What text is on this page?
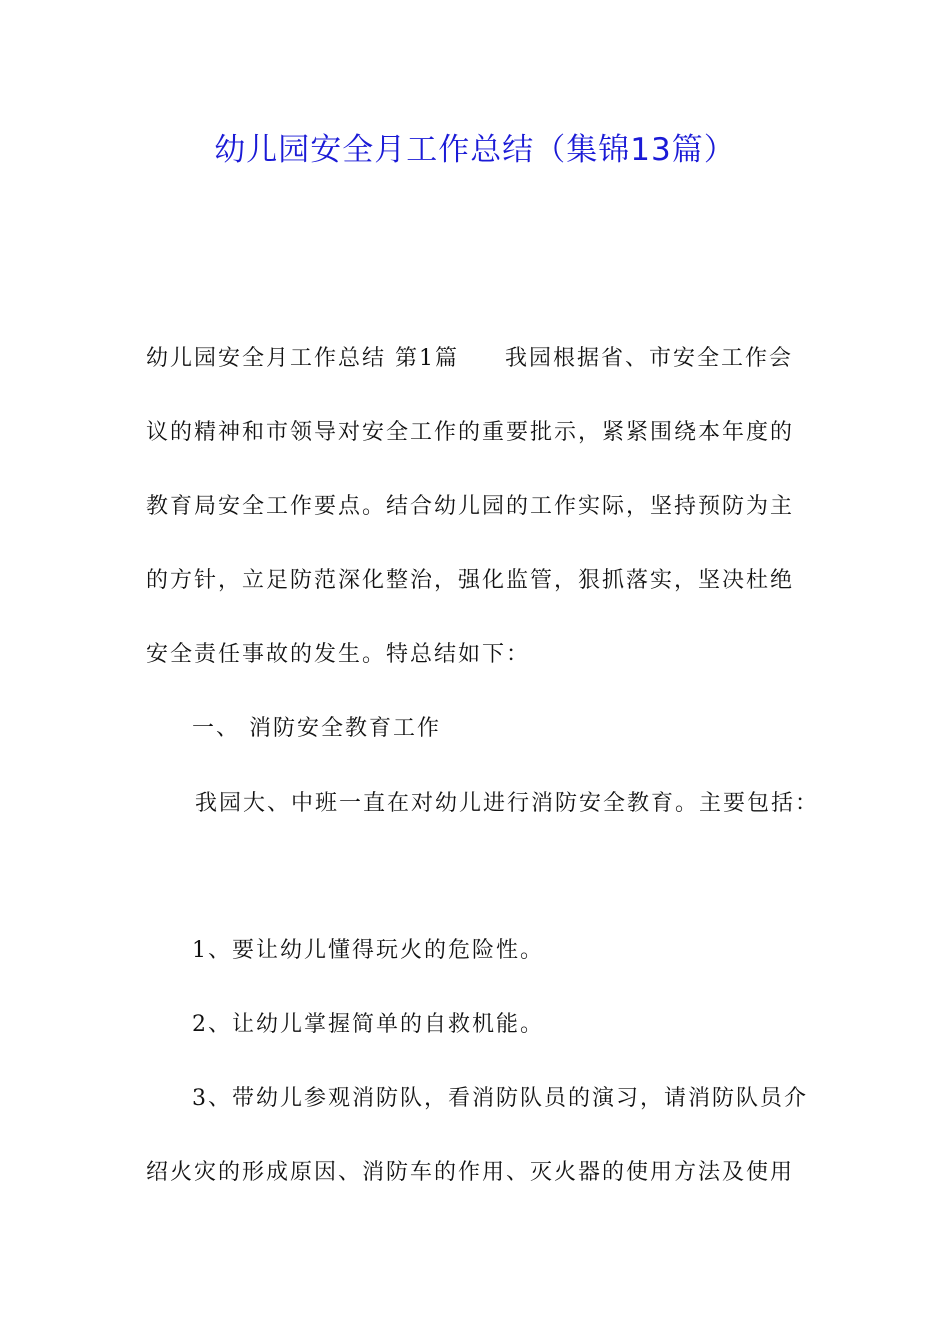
幼儿园安全月工作总结（集锦13篇）
幼儿园安全月工作总结 第1篇 我园根据省、市安全工作会
议的精神和市领导对安全工作的重要批示，紧紧围绕本年度的
教育局安全工作要点。结合幼儿园的工作实际，坚持预防为主
的方针，立足防范深化整治，强化监管，狠抓落实，坚决杜绝
安全责任事故的发生。特总结如下：
一、 消防安全教育工作
我园大、中班一直在对幼儿进行消防安全教育。主要包括：
1、要让幼儿懂得玩火的危险性。
2、让幼儿掌握简单的自救机能。
3、带幼儿参观消防队，看消防队员的演习，请消防队员介
绍火灾的形成原因、消防车的作用、灭火器的使用方法及使用
